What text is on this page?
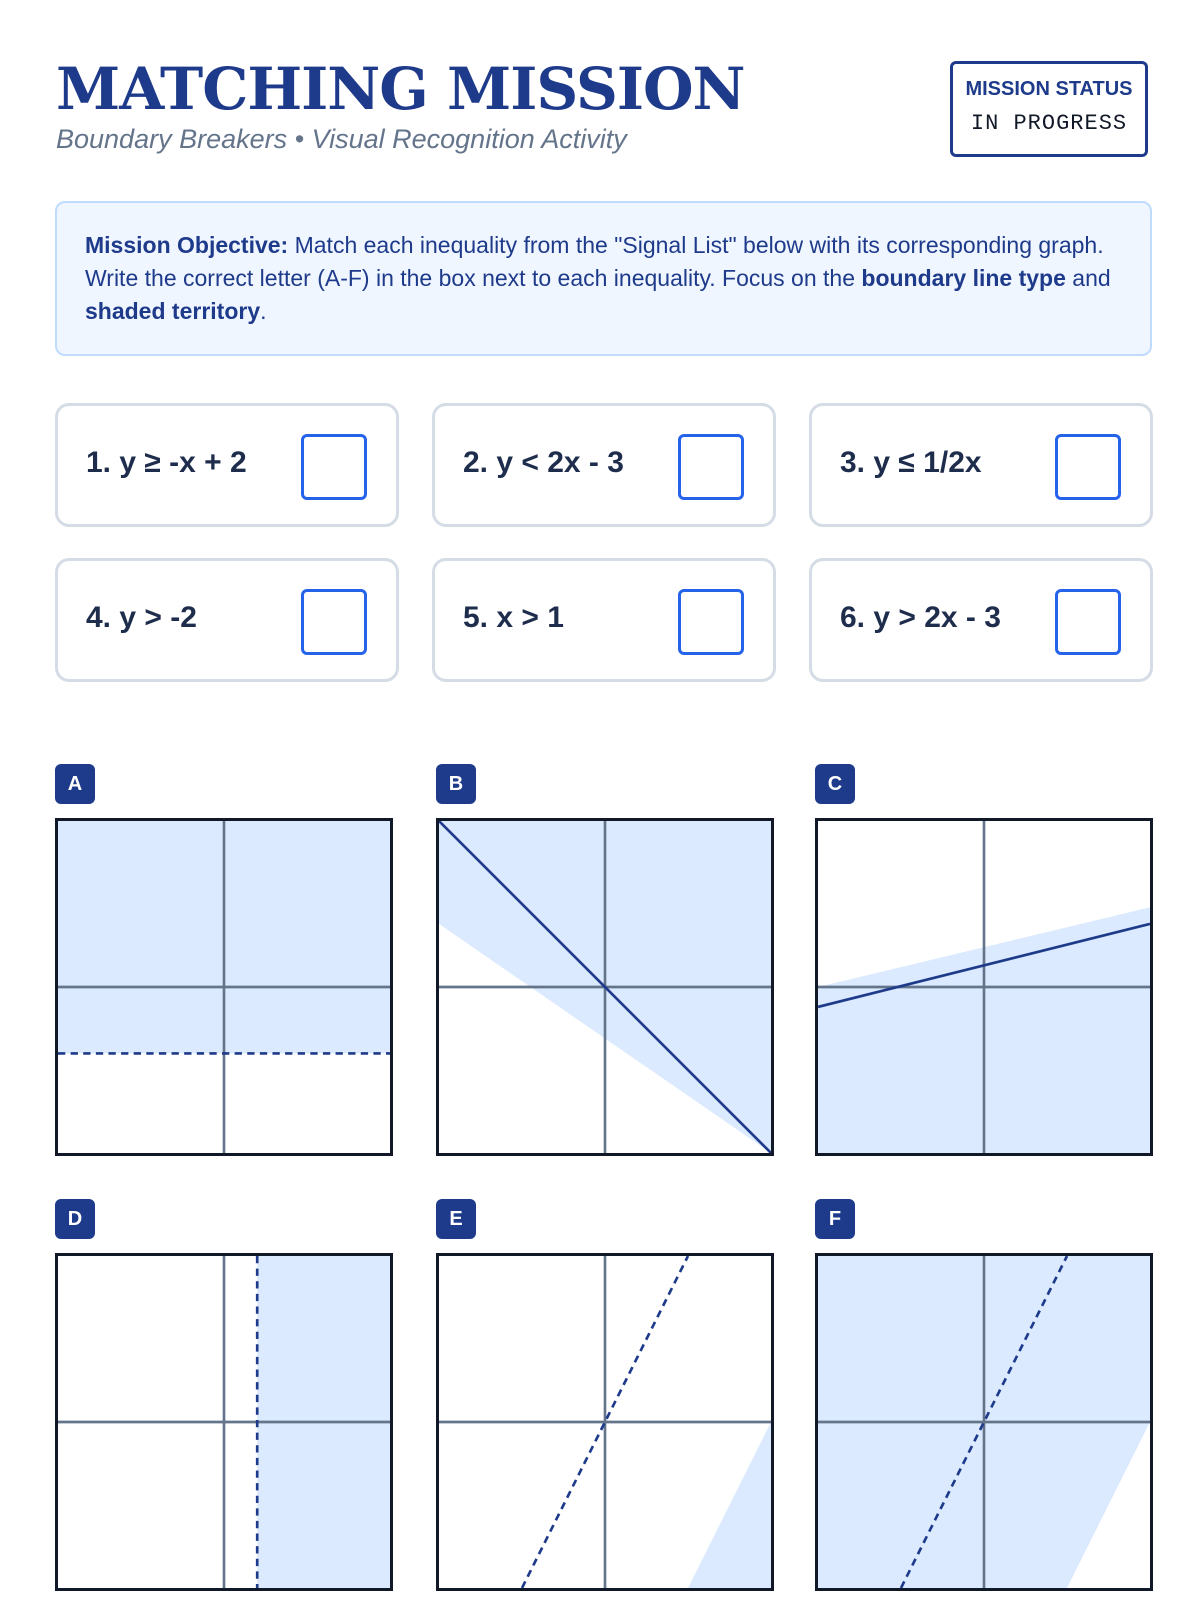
MATCHING MISSION
Boundary Breakers • Visual Recognition Activity
MISSION STATUS
IN PROGRESS
Mission Objective: Match each inequality from the "Signal List" below with its corresponding graph. Write the correct letter (A-F) in the box next to each inequality. Focus on the boundary line type and shaded territory.
1. y ≥ -x + 2	2. y < 2x - 3	3. y ≤ 1/2x
4. y > -2	5. x > 1	6. y > 2x - 3
A	B	C
D	E	F
